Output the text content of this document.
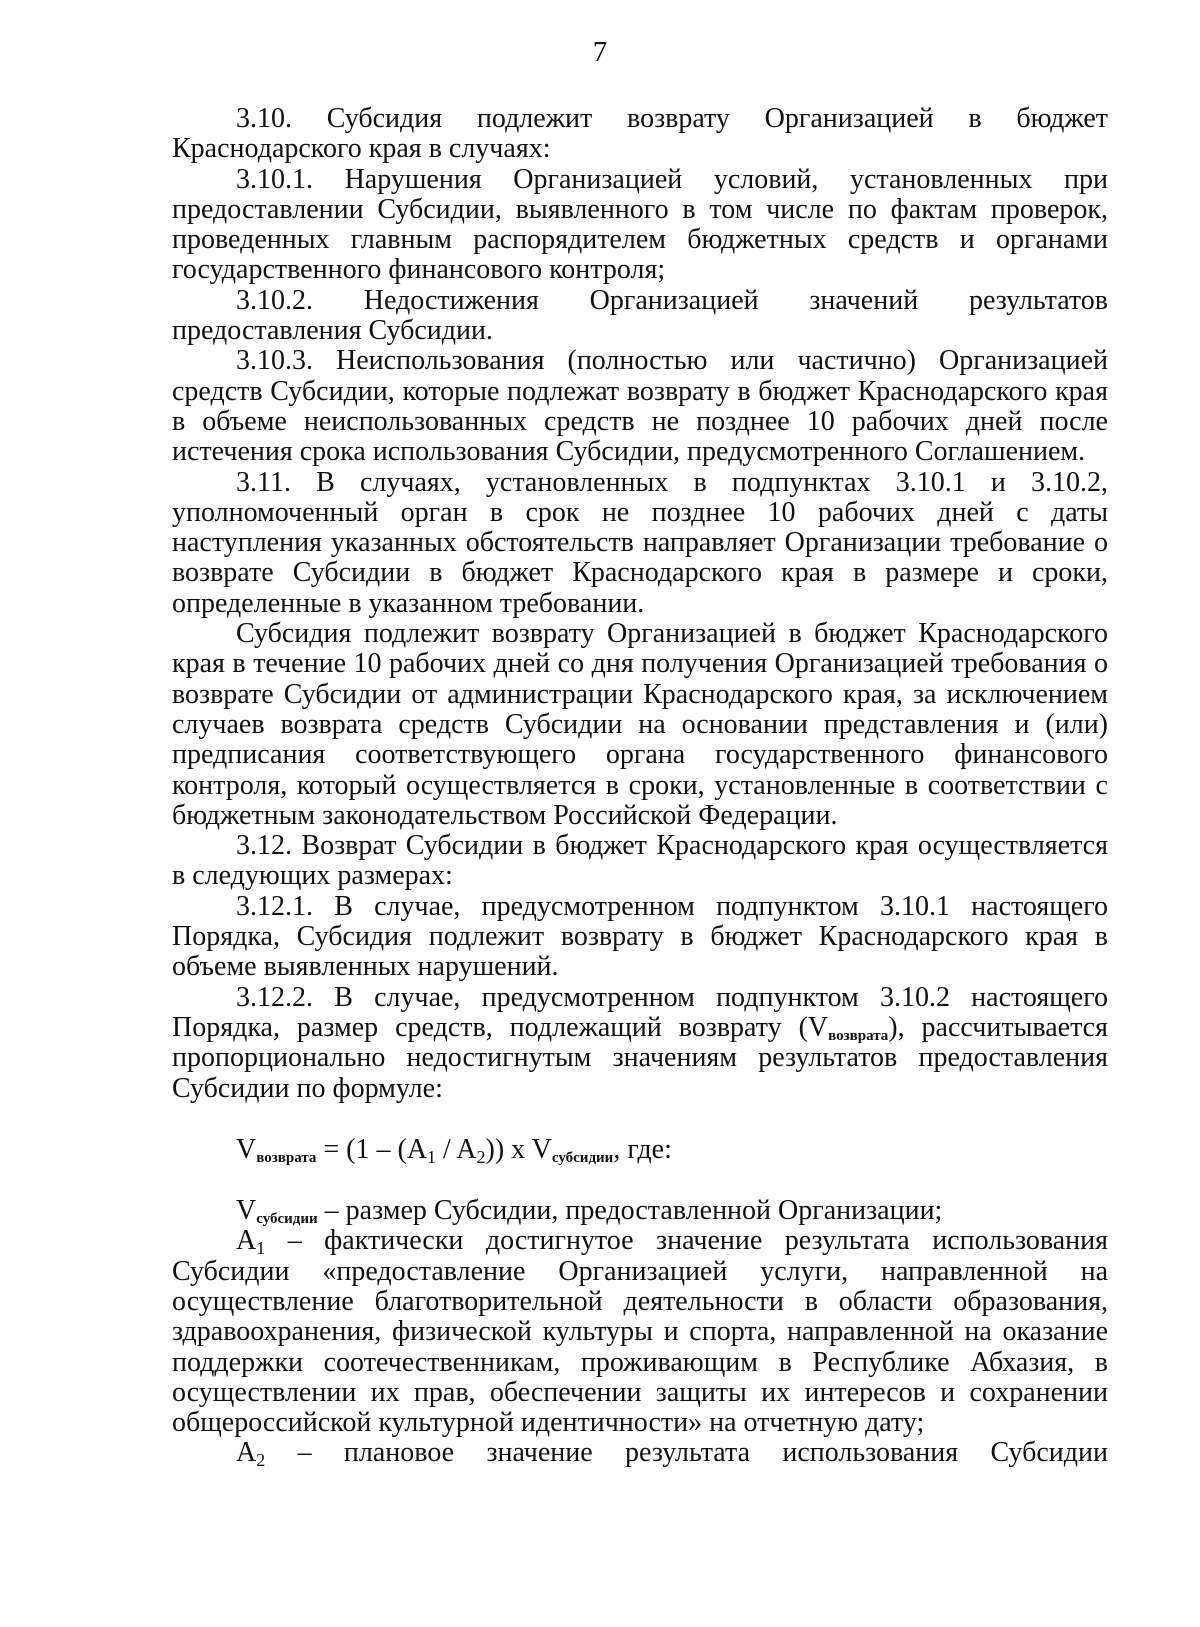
7

3.10. Субсидия подлежит возврату Организацией в бюджет Краснодарского края в случаях:

3.10.1. Нарушения Организацией условий, установленных при предоставлении Субсидии, выявленного в том числе по фактам проверок, проведенных главным распорядителем бюджетных средств и органами государственного финансового контроля;

3.10.2. Недостижения Организацией значений результатов предоставления Субсидии.

3.10.3. Неиспользования (полностью или частично) Организацией средств Субсидии, которые подлежат возврату в бюджет Краснодарского края в объеме неиспользованных средств не позднее 10 рабочих дней после истечения срока использования Субсидии, предусмотренного Соглашением.

3.11. В случаях, установленных в подпунктах 3.10.1 и 3.10.2, уполномоченный орган в срок не позднее 10 рабочих дней с даты наступления указанных обстоятельств направляет Организации требование о возврате Субсидии в бюджет Краснодарского края в размере и сроки, определенные в указанном требовании.

Субсидия подлежит возврату Организацией в бюджет Краснодарского края в течение 10 рабочих дней со дня получения Организацией требования о возврате Субсидии от администрации Краснодарского края, за исключением случаев возврата средств Субсидии на основании представления и (или) предписания соответствующего органа государственного финансового контроля, который осуществляется в сроки, установленные в соответствии с бюджетным законодательством Российской Федерации.

3.12. Возврат Субсидии в бюджет Краснодарского края осуществляется в следующих размерах:

3.12.1. В случае, предусмотренном подпунктом 3.10.1 настоящего Порядка, Субсидия подлежит возврату в бюджет Краснодарского края в объеме выявленных нарушений.

3.12.2. В случае, предусмотренном подпунктом 3.10.2 настоящего Порядка, размер средств, подлежащий возврату $(V_{возврата})$, рассчитывается пропорционально недостигнутым значениям результатов предоставления Субсидии по формуле:

$V_{возврата} = (1 - (A1 / A2))$ x $V_{субсидии}$, где:

$V_{субсидии}$ – размер Субсидии, предоставленной Организации;

A1 – фактически достигнутое значение результата использования Субсидии «предоставление Организацией услуги, направленной на осуществление благотворительной деятельности в области образования, здравоохранения, физической культуры и спорта, направленной на оказание поддержки соотечественникам, проживающим в Республике Абхазия, в осуществлении их прав, обеспечении защиты их интересов и сохранении общероссийской культурной идентичности» на отчетную дату;

A2 – плановое значение результата использования Субсидии
